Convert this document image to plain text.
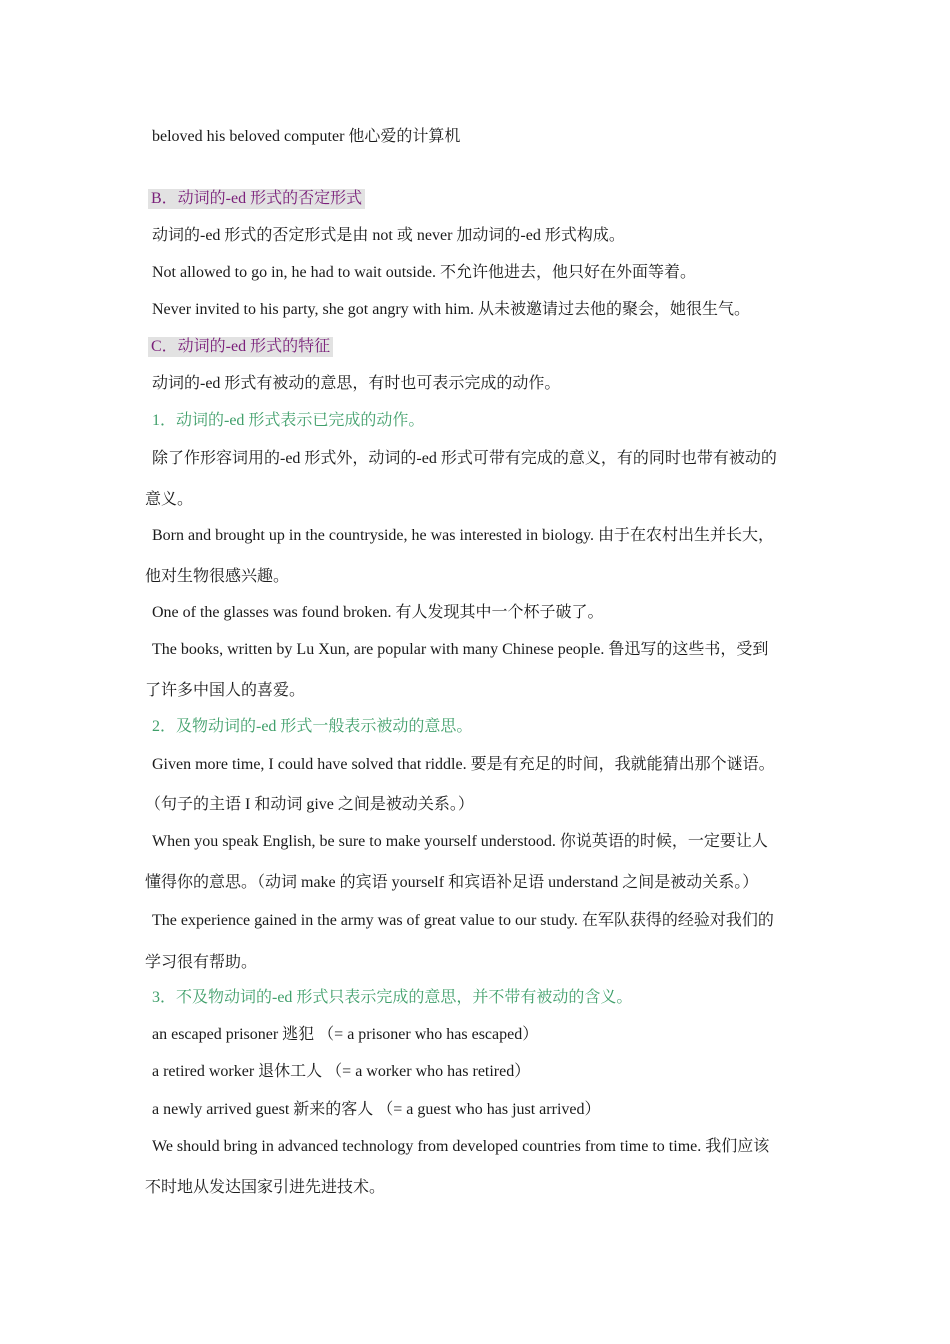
beloved his beloved computer 他心爱的计算机
B．动词的-ed 形式的否定形式
动词的-ed 形式的否定形式是由 not 或 never 加动词的-ed 形式构成。
Not allowed to go in, he had to wait outside. 不允许他进去，他只好在外面等着。
Never invited to his party, she got angry with him. 从未被邀请过去他的聚会，她很生气。
C．动词的-ed 形式的特征
动词的-ed 形式有被动的意思，有时也可表示完成的动作。
1．动词的-ed 形式表示已完成的动作。
除了作形容词用的-ed 形式外，动词的-ed 形式可带有完成的意义，有的同时也带有被动的
意义。
Born and brought up in the countryside, he was interested in biology. 由于在农村出生并长大，
他对生物很感兴趣。
One of the glasses was found broken. 有人发现其中一个杯子破了。
The books, written by Lu Xun, are popular with many Chinese people. 鲁迅写的这些书，受到
了许多中国人的喜爱。
2．及物动词的-ed 形式一般表示被动的意思。
Given more time, I could have solved that riddle. 要是有充足的时间，我就能猜出那个谜语。
（句子的主语 I 和动词 give 之间是被动关系。）
When you speak English, be sure to make yourself understood. 你说英语的时候，一定要让人
懂得你的意思。（动词 make 的宾语 yourself 和宾语补足语 understand 之间是被动关系。）
The experience gained in the army was of great value to our study. 在军队获得的经验对我们的
学习很有帮助。
3．不及物动词的-ed 形式只表示完成的意思，并不带有被动的含义。
an escaped prisoner 逃犯 （= a prisoner who has escaped）
a retired worker 退休工人 （= a worker who has retired）
a newly arrived guest 新来的客人 （= a guest who has just arrived）
We should bring in advanced technology from developed countries from time to time. 我们应该
不时地从发达国家引进先进技术。
